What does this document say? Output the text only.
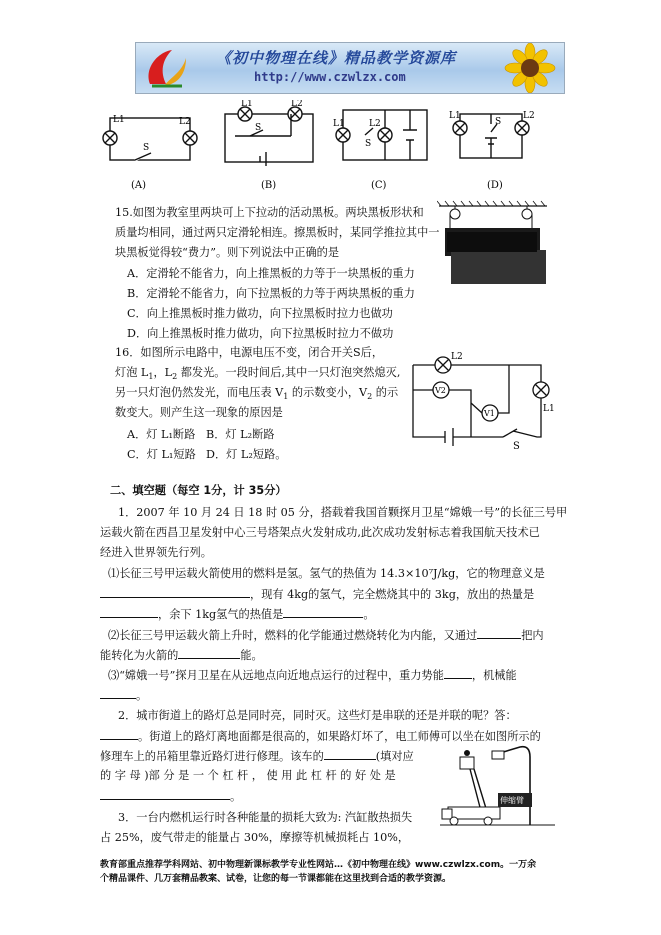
《初中物理在线》精品教学资源库
http://www.czwlzx.com
L1	L2
S
L1	L2
S	L1	L2
S
L1	L2
S
(A)	(B)	(C)	(D)
15.如图为教室里两块可上下拉动的活动黑板。两块黑板形状和
质量均相同，通过两只定滑轮相连。擦黑板时，某同学推拉其中一
块黑板觉得较“费力”。则下列说法中正确的是
A．定滑轮不能省力，向上推黑板的力等于一块黑板的重力
B．定滑轮不能省力，向下拉黑板的力等于两块黑板的重力
C．向上推黑板时推力做功，向下拉黑板时拉力也做功
D．向上推黑板时推力做功，向下拉黑板时拉力不做功
16．如图所示电路中，电源电压不变，闭合开关S后，
灯泡 $L_1$，$L_2$ 都发光。一段时间后,其中一只灯泡突然熄灭,
另一只灯泡仍然发光，而电压表 $V_1$ 的示数变小，$V_2$ 的示
数变大。则产生这一现象的原因是
A．灯 L₁断路 B．灯 L₂断路
C．灯 L₁短路 D．灯 L₂短路。
L2
L1
V2
V1
S
二、填空题（每空 1分，计 35分）
1．2007 年 10 月 24 日 18 时 05 分，搭载着我国首颗探月卫星“嫦娥一号”的长征三号甲
运载火箭在西昌卫星发射中心三号塔架点火发射成功,此次成功发射标志着我国航天技术已
经进入世界领先行列。
⑴长征三号甲运载火箭使用的燃料是氢。氢气的热值为 14.3×10⁷J/kg，它的物理意义是
，现有 4kg的氢气，完全燃烧其中的 3kg，放出的热量是
，余下 1kg氢气的热值是	。
⑵长征三号甲运载火箭上升时，燃料的化学能通过燃烧转化为内能，又通过	把内
能转化为火箭的	能。
⑶“嫦娥一号”探月卫星在从远地点向近地点运行的过程中，重力势能	，机械能
。
2．城市街道上的路灯总是同时亮，同时灭。这些灯是串联的还是并联的呢？答：
。街道上的路灯离地面都是很高的，如果路灯坏了，电工师傅可以坐在如图所示的
修理车上的吊箱里靠近路灯进行修理。该车的	(填对应
的 字 母 )部 分 是 一 个 杠 杆 ， 使 用 此 杠 杆 的 好 处 是
。	伸缩臂
3．一台内燃机运行时各种能量的损耗大致为: 汽缸散热损失
占 25%，废气带走的能量占 30%，摩擦等机械损耗占 10%，
教育部重点推荐学科网站、初中物理新课标教学专业性网站…《初中物理在线》www.czwlzx.com。一万余
个精品课件、几万套精品教案、试卷，让您的每一节课都能在这里找到合适的教学资源。
